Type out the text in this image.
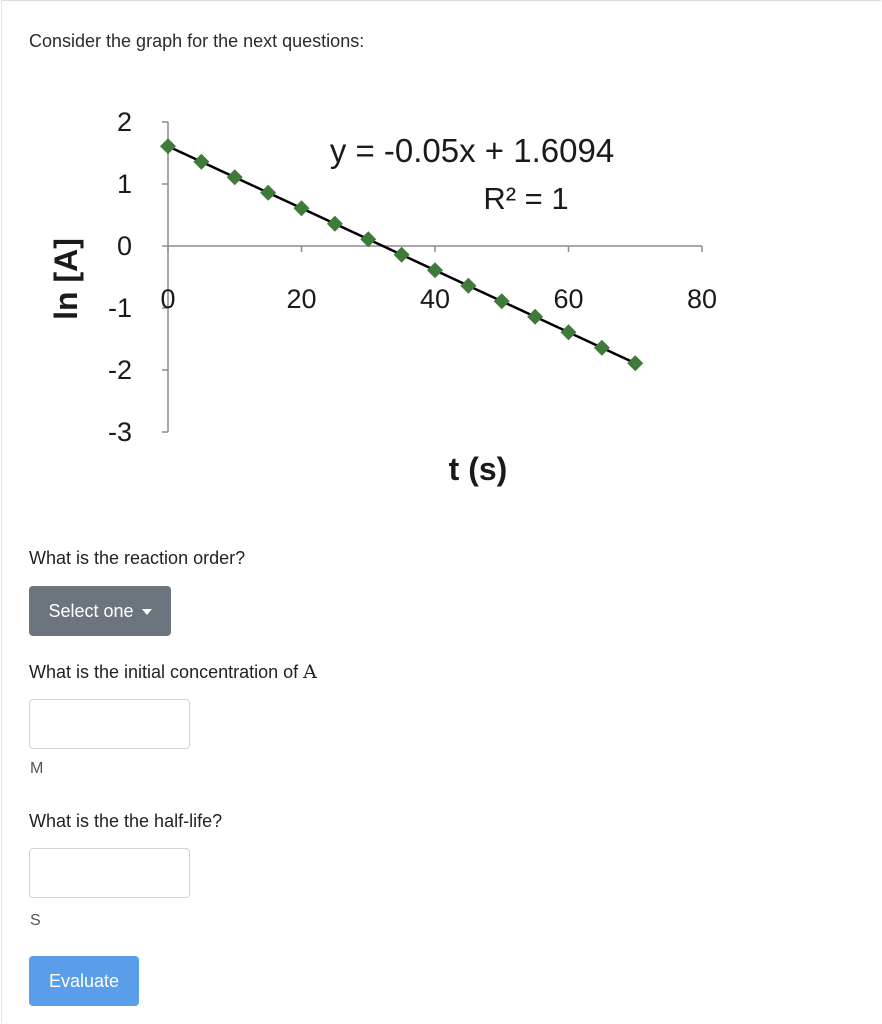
Consider the graph for the next questions:
2
1
0
-1
-2
-3
0	20	40	60	80
y = -0.05x + 1.6094
R² = 1
t (s)
ln [A]
What is the reaction order?
Select one
What is the initial concentration of A
M
What is the the half-life?
S
Evaluate
